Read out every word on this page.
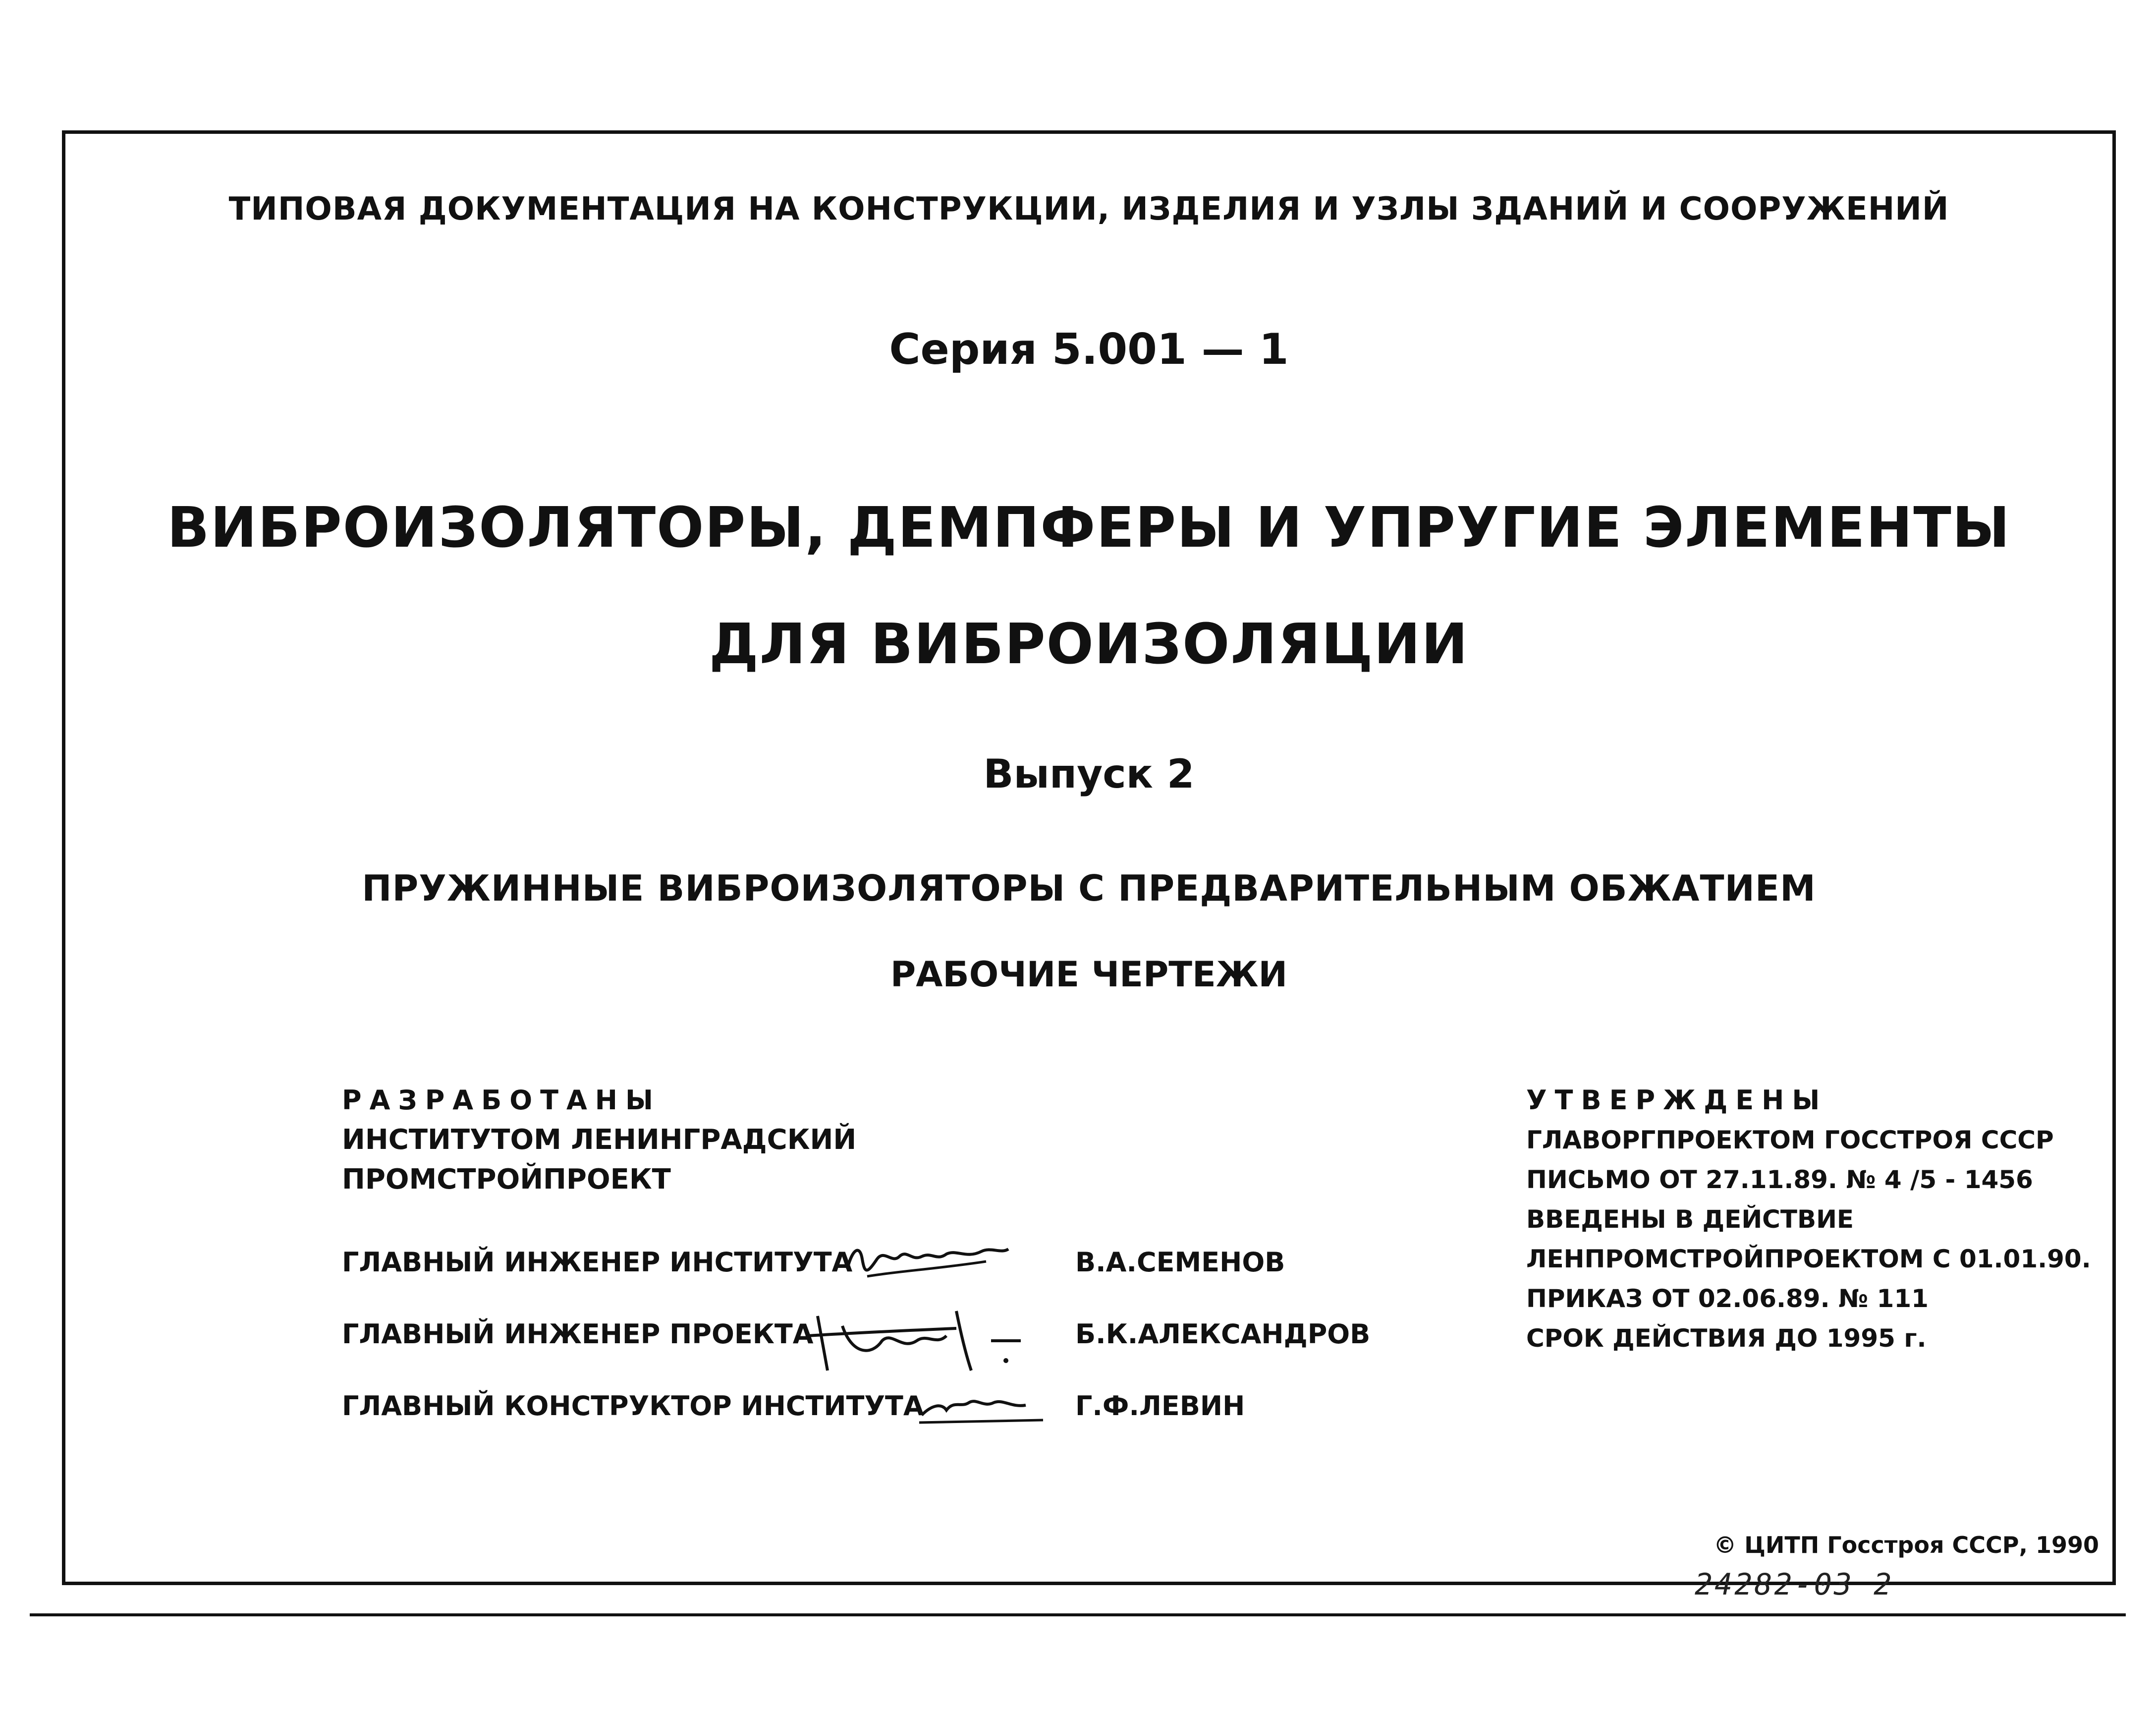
ТИПОВАЯ ДОКУМЕНТАЦИЯ НА КОНСТРУКЦИИ, ИЗДЕЛИЯ И УЗЛЫ ЗДАНИЙ И СООРУЖЕНИЙ
Серия 5.001 — 1
ВИБРОИЗОЛЯТОРЫ, ДЕМПФЕРЫ И УПРУГИЕ ЭЛЕМЕНТЫ
ДЛЯ ВИБРОИЗОЛЯЦИИ
Выпуск 2
ПРУЖИННЫЕ ВИБРОИЗОЛЯТОРЫ С ПРЕДВАРИТЕЛЬНЫМ ОБЖАТИЕМ
РАБОЧИЕ ЧЕРТЕЖИ
РАЗРАБОТАНЫ
ИНСТИТУТОМ ЛЕНИНГРАДСКИЙ
ПРОМСТРОЙПРОЕКТ
ГЛАВНЫЙ ИНЖЕНЕР ИНСТИТУТА	В.А.СЕМЕНОВ
ГЛАВНЫЙ ИНЖЕНЕР ПРОЕКТА	Б.К.АЛЕКСАНДРОВ
ГЛАВНЫЙ КОНСТРУКТОР ИНСТИТУТА	Г.Ф.ЛЕВИН
УТВЕРЖДЕНЫ
ГЛАВОРГПРОЕКТОМ ГОССТРОЯ СССР
ПИСЬМО ОТ 27.11.89. № 4 /5 - 1456
ВВЕДЕНЫ В ДЕЙСТВИЕ
ЛЕНПРОМСТРОЙПРОЕКТОМ С 01.01.90.
ПРИКАЗ ОТ 02.06.89. № 111
СРОК ДЕЙСТВИЯ ДО 1995 г.
© ЦИТП Госстроя СССР, 1990
24282-03 2
